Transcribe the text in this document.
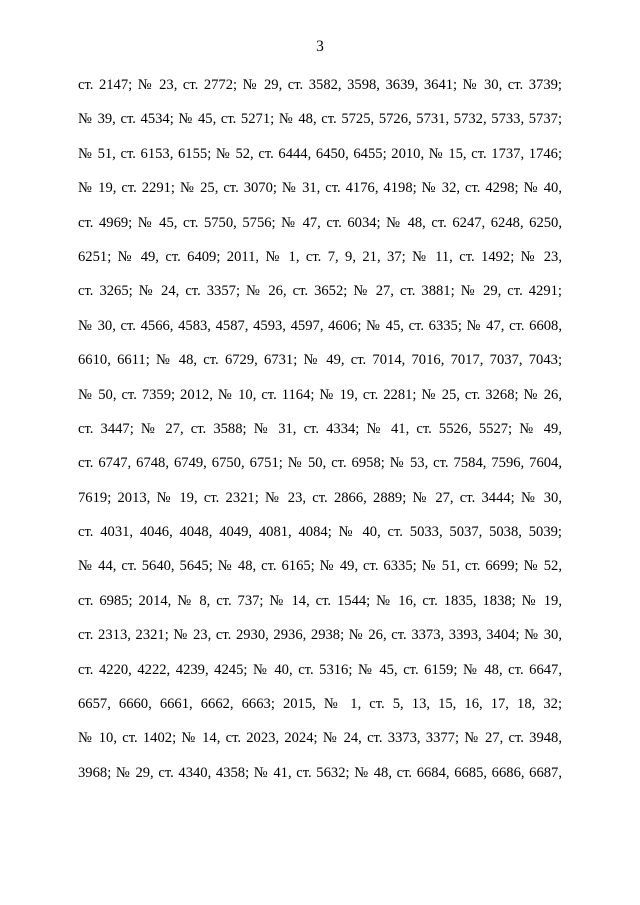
3
ст. 2147; № 23, ст. 2772; № 29, ст. 3582, 3598, 3639, 3641; № 30, ст. 3739;
№ 39, ст. 4534; № 45, ст. 5271; № 48, ст. 5725, 5726, 5731, 5732, 5733, 5737;
№ 51, ст. 6153, 6155; № 52, ст. 6444, 6450, 6455; 2010, № 15, ст. 1737, 1746;
№ 19, ст. 2291; № 25, ст. 3070; № 31, ст. 4176, 4198; № 32, ст. 4298; № 40,
ст. 4969; № 45, ст. 5750, 5756; № 47, ст. 6034; № 48, ст. 6247, 6248, 6250,
6251; № 49, ст. 6409; 2011, № 1, ст. 7, 9, 21, 37; № 11, ст. 1492; № 23,
ст. 3265; № 24, ст. 3357; № 26, ст. 3652; № 27, ст. 3881; № 29, ст. 4291;
№ 30, ст. 4566, 4583, 4587, 4593, 4597, 4606; № 45, ст. 6335; № 47, ст. 6608,
6610, 6611; № 48, ст. 6729, 6731; № 49, ст. 7014, 7016, 7017, 7037, 7043;
№ 50, ст. 7359; 2012, № 10, ст. 1164; № 19, ст. 2281; № 25, ст. 3268; № 26,
ст. 3447; № 27, ст. 3588; № 31, ст. 4334; № 41, ст. 5526, 5527; № 49,
ст. 6747, 6748, 6749, 6750, 6751; № 50, ст. 6958; № 53, ст. 7584, 7596, 7604,
7619; 2013, № 19, ст. 2321; № 23, ст. 2866, 2889; № 27, ст. 3444; № 30,
ст. 4031, 4046, 4048, 4049, 4081, 4084; № 40, ст. 5033, 5037, 5038, 5039;
№ 44, ст. 5640, 5645; № 48, ст. 6165; № 49, ст. 6335; № 51, ст. 6699; № 52,
ст. 6985; 2014, № 8, ст. 737; № 14, ст. 1544; № 16, ст. 1835, 1838; № 19,
ст. 2313, 2321; № 23, ст. 2930, 2936, 2938; № 26, ст. 3373, 3393, 3404; № 30,
ст. 4220, 4222, 4239, 4245; № 40, ст. 5316; № 45, ст. 6159; № 48, ст. 6647,
6657, 6660, 6661, 6662, 6663; 2015, № 1, ст. 5, 13, 15, 16, 17, 18, 32;
№ 10, ст. 1402; № 14, ст. 2023, 2024; № 24, ст. 3373, 3377; № 27, ст. 3948,
3968; № 29, ст. 4340, 4358; № 41, ст. 5632; № 48, ст. 6684, 6685, 6686, 6687,
